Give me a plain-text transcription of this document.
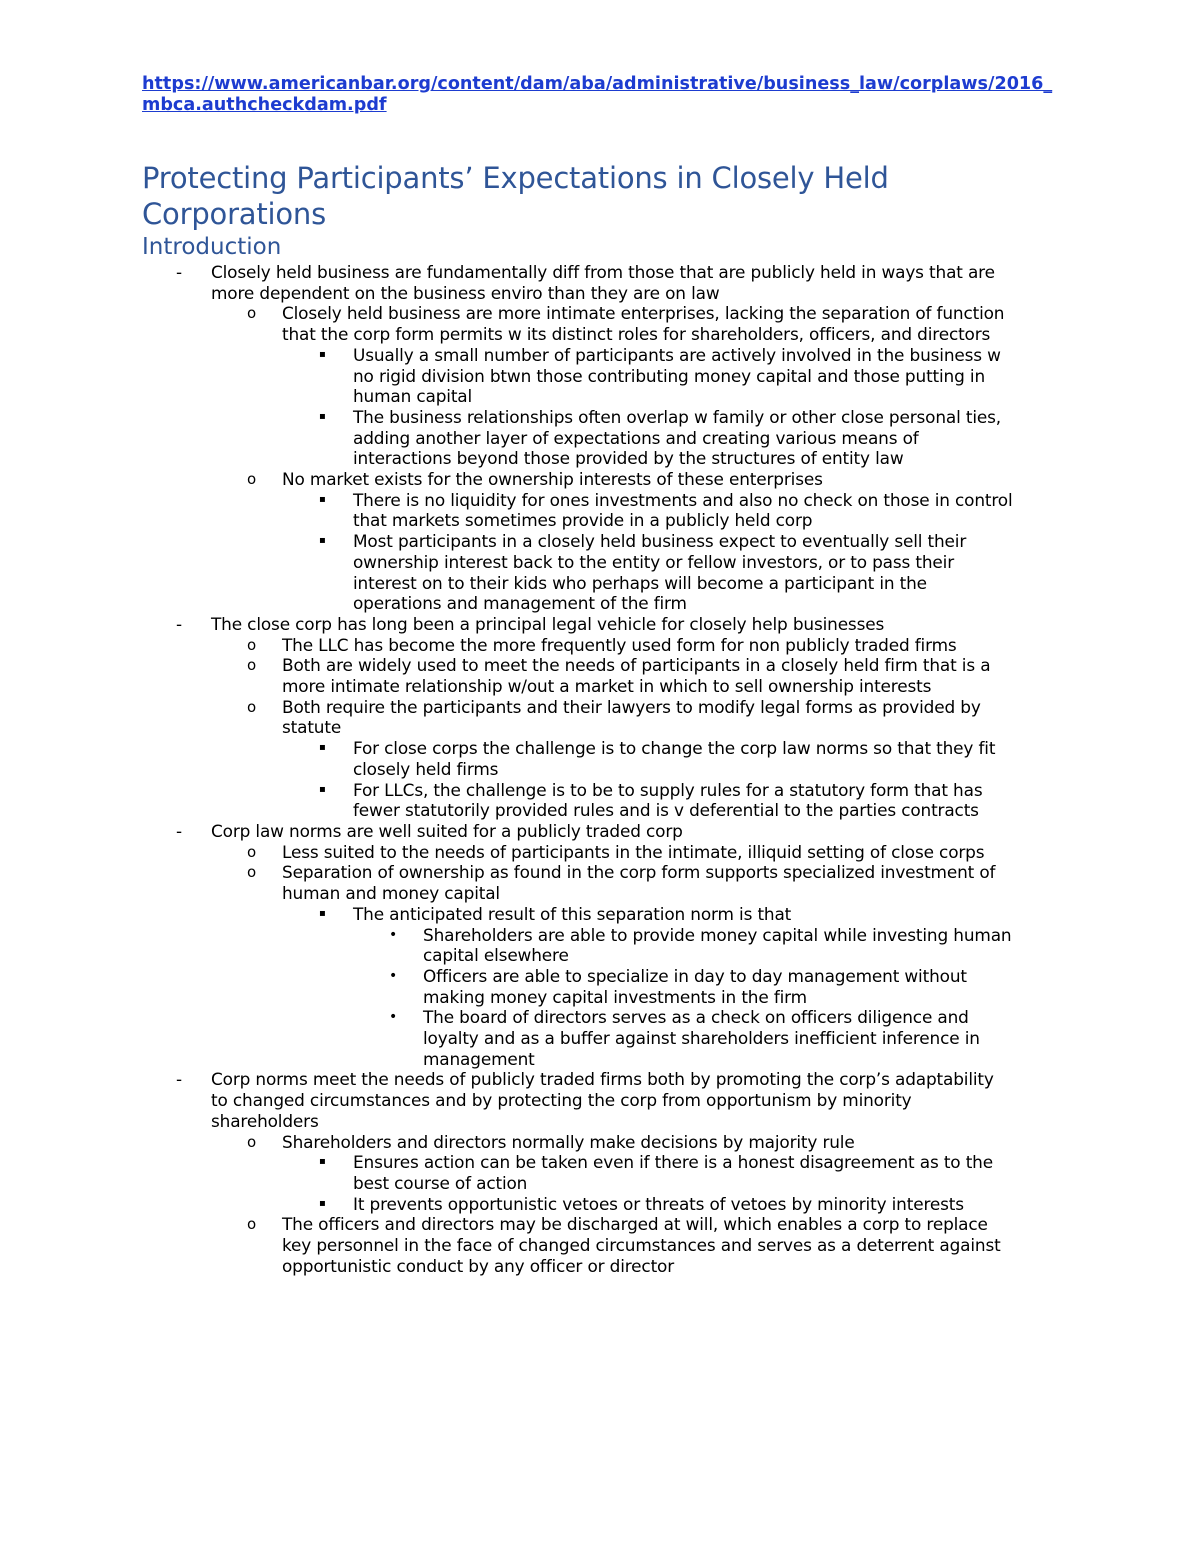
https://www.americanbar.org/content/dam/aba/administrative/business_law/corplaws/2016_
mbca.authcheckdam.pdf
Protecting Participants’ Expectations in Closely Held Corporations
Introduction
- Closely held business are fundamentally diff from those that are publicly held in ways that are
more dependent on the business enviro than they are on law
o Closely held business are more intimate enterprises, lacking the separation of function
that the corp form permits w its distinct roles for shareholders, officers, and directors
▪ Usually a small number of participants are actively involved in the business w
no rigid division btwn those contributing money capital and those putting in
human capital
▪ The business relationships often overlap w family or other close personal ties,
adding another layer of expectations and creating various means of
interactions beyond those provided by the structures of entity law
o No market exists for the ownership interests of these enterprises
▪ There is no liquidity for ones investments and also no check on those in control
that markets sometimes provide in a publicly held corp
▪ Most participants in a closely held business expect to eventually sell their
ownership interest back to the entity or fellow investors, or to pass their
interest on to their kids who perhaps will become a participant in the
operations and management of the firm
- The close corp has long been a principal legal vehicle for closely help businesses
o The LLC has become the more frequently used form for non publicly traded firms
o Both are widely used to meet the needs of participants in a closely held firm that is a
more intimate relationship w/out a market in which to sell ownership interests
o Both require the participants and their lawyers to modify legal forms as provided by
statute
▪ For close corps the challenge is to change the corp law norms so that they fit
closely held firms
▪ For LLCs, the challenge is to be to supply rules for a statutory form that has
fewer statutorily provided rules and is v deferential to the parties contracts
- Corp law norms are well suited for a publicly traded corp
o Less suited to the needs of participants in the intimate, illiquid setting of close corps
o Separation of ownership as found in the corp form supports specialized investment of
human and money capital
▪ The anticipated result of this separation norm is that
• Shareholders are able to provide money capital while investing human
capital elsewhere
• Officers are able to specialize in day to day management without
making money capital investments in the firm
• The board of directors serves as a check on officers diligence and
loyalty and as a buffer against shareholders inefficient inference in
management
- Corp norms meet the needs of publicly traded firms both by promoting the corp’s adaptability
to changed circumstances and by protecting the corp from opportunism by minority
shareholders
o Shareholders and directors normally make decisions by majority rule
▪ Ensures action can be taken even if there is a honest disagreement as to the
best course of action
▪ It prevents opportunistic vetoes or threats of vetoes by minority interests
o The officers and directors may be discharged at will, which enables a corp to replace
key personnel in the face of changed circumstances and serves as a deterrent against
opportunistic conduct by any officer or director
